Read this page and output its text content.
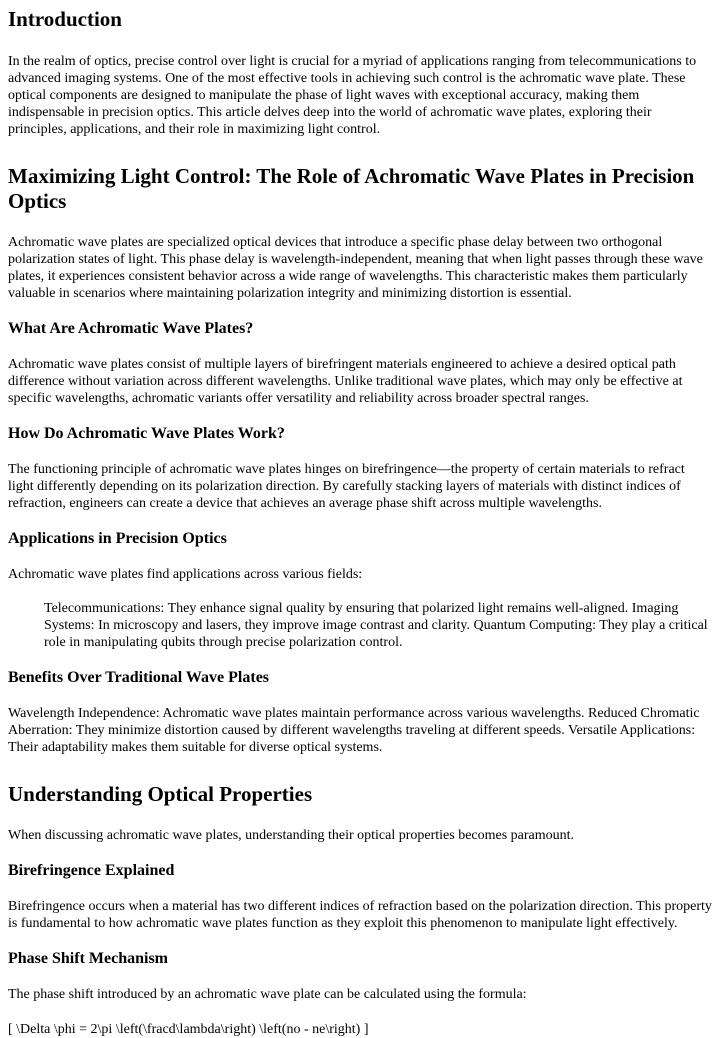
Introduction

In the realm of optics, precise control over light is crucial for a myriad of applications ranging from telecommunications to advanced imaging systems. One of the most effective tools in achieving such control is the achromatic wave plate. These optical components are designed to manipulate the phase of light waves with exceptional accuracy, making them indispensable in precision optics. This article delves deep into the world of achromatic wave plates, exploring their principles, applications, and their role in maximizing light control.

Maximizing Light Control: The Role of Achromatic Wave Plates in Precision Optics

Achromatic wave plates are specialized optical devices that introduce a specific phase delay between two orthogonal polarization states of light. This phase delay is wavelength-independent, meaning that when light passes through these wave plates, it experiences consistent behavior across a wide range of wavelengths. This characteristic makes them particularly valuable in scenarios where maintaining polarization integrity and minimizing distortion is essential.

What Are Achromatic Wave Plates?

Achromatic wave plates consist of multiple layers of birefringent materials engineered to achieve a desired optical path difference without variation across different wavelengths. Unlike traditional wave plates, which may only be effective at specific wavelengths, achromatic variants offer versatility and reliability across broader spectral ranges.

How Do Achromatic Wave Plates Work?

The functioning principle of achromatic wave plates hinges on birefringence—the property of certain materials to refract light differently depending on its polarization direction. By carefully stacking layers of materials with distinct indices of refraction, engineers can create a device that achieves an average phase shift across multiple wavelengths.

Applications in Precision Optics

Achromatic wave plates find applications across various fields:

Telecommunications: They enhance signal quality by ensuring that polarized light remains well-aligned. Imaging Systems: In microscopy and lasers, they improve image contrast and clarity. Quantum Computing: They play a critical role in manipulating qubits through precise polarization control.
Benefits Over Traditional Wave Plates

Wavelength Independence: Achromatic wave plates maintain performance across various wavelengths. Reduced Chromatic Aberration: They minimize distortion caused by different wavelengths traveling at different speeds. Versatile Applications: Their adaptability makes them suitable for diverse optical systems.

Understanding Optical Properties

When discussing achromatic wave plates, understanding their optical properties becomes paramount.

Birefringence Explained

Birefringence occurs when a material has two different indices of refraction based on the polarization direction. This property is fundamental to how achromatic wave plates function as they exploit this phenomenon to manipulate light effectively.

Phase Shift Mechanism

The phase shift introduced by an achromatic wave plate can be calculated using the formula:

[ \Delta \phi = 2\pi \left(\fracd\lambda\right) \left(no - ne\right) ]
